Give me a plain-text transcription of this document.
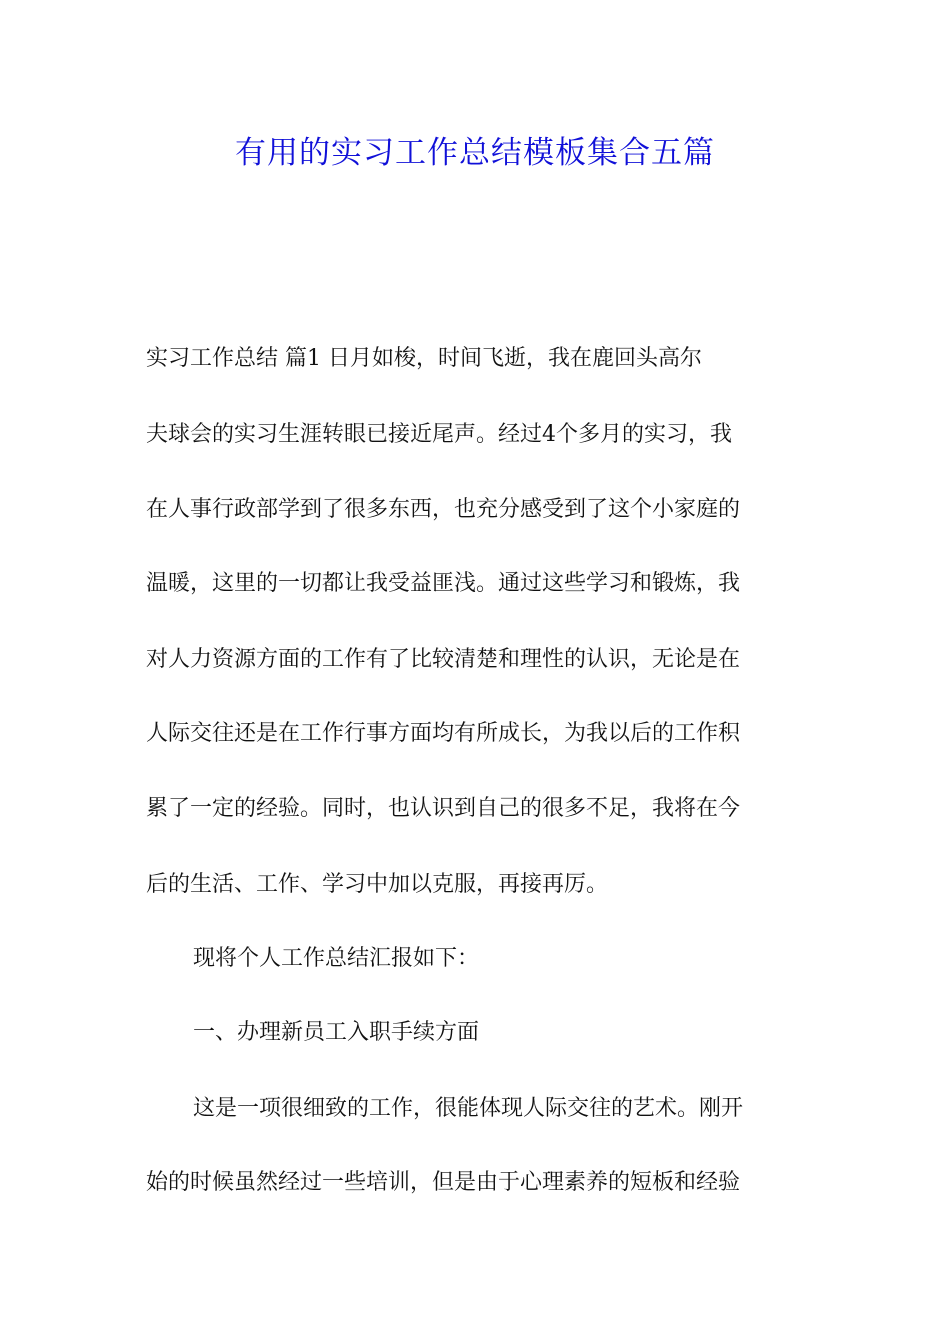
有用的实习工作总结模板集合五篇

实习工作总结 篇1 日月如梭，时间飞逝，我在鹿回头高尔

夫球会的实习生涯转眼已接近尾声。经过4个多月的实习，我

在人事行政部学到了很多东西，也充分感受到了这个小家庭的

温暖，这里的一切都让我受益匪浅。通过这些学习和锻炼，我

对人力资源方面的工作有了比较清楚和理性的认识，无论是在

人际交往还是在工作行事方面均有所成长，为我以后的工作积

累了一定的经验。同时，也认识到自己的很多不足，我将在今

后的生活、工作、学习中加以克服，再接再厉。

现将个人工作总结汇报如下：

一、办理新员工入职手续方面

这是一项很细致的工作，很能体现人际交往的艺术。刚开

始的时候虽然经过一些培训，但是由于心理素养的短板和经验
